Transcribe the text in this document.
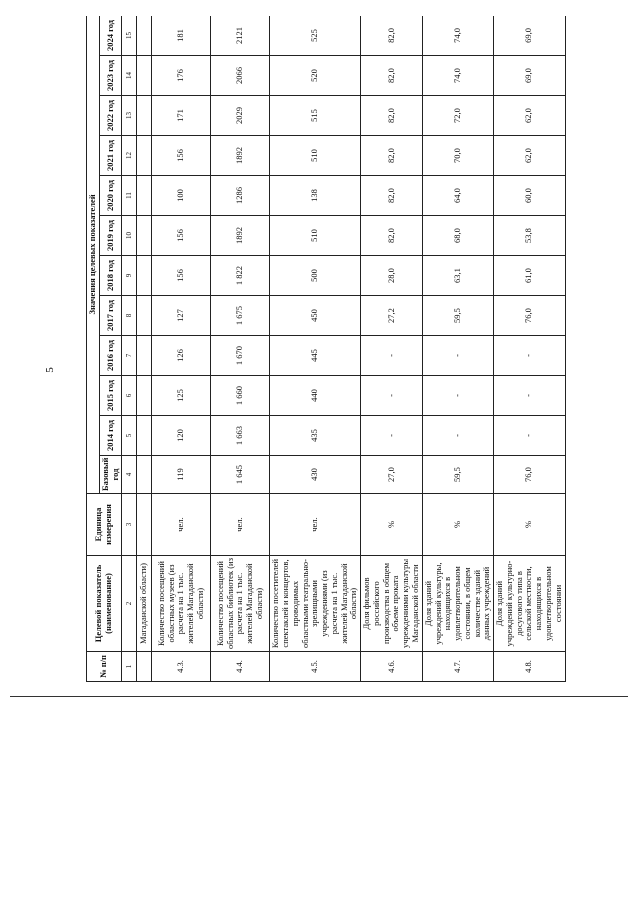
5
№ п/п	Целевой показатель (наименование)	Единица измерения	Значения целевых показателей											
			Базовый год	2014 год	2015 год	2016 год	2017 год	2018 год	2019 год	2020 год	2021 год	2022 год	2023 год	2024 год
1	2	3	4	5	6	7	8	9	10	11	12	13	14	15
	Магаданской области)													
4.3.	Количество посещений областных музеев (из расчета на 1 тыс. жителей Магаданской области)	чел.	119	120	125	126	127	156	156	100	156	171	176	181
4.4.	Количество посещений областных библиотек (из расчета на 1 тыс. жителей Магаданской области)	чел.	1 645	1 663	1 660	1 670	1 675	1 822	1892	1286	1892	2029	2066	2121
4.5.	Количество посетителей спектаклей и концертов, проводимых областными театрально-зрелищными учреждениями (из расчета на 1 тыс. жителей Магаданской области)	чел.	430	435	440	445	450	500	510	138	510	515	520	525
4.6.	Доля фильмов российского производства в общем объеме проката учреждениями культуры Магаданской области	%	27,0	-	-	-	27,2	28,0	82,0	82,0	82,0	82,0	82,0	82,0
4.7.	Доля зданий учреждений культуры, находящихся в удовлетворительном состоянии, в общем количестве зданий данных учреждений	%	59,5	-	-	-	59,5	63,1	68,0	64,0	70,0	72,0	74,0	74,0
4.8.	Доля зданий учреждений культурно-досугового типа в сельской местности, находящихся в удовлетворительном состоянии	%	76,0	-	-	-	76,0	61,0	53,8	60,0	62,0	62,0	69,0	69,0
